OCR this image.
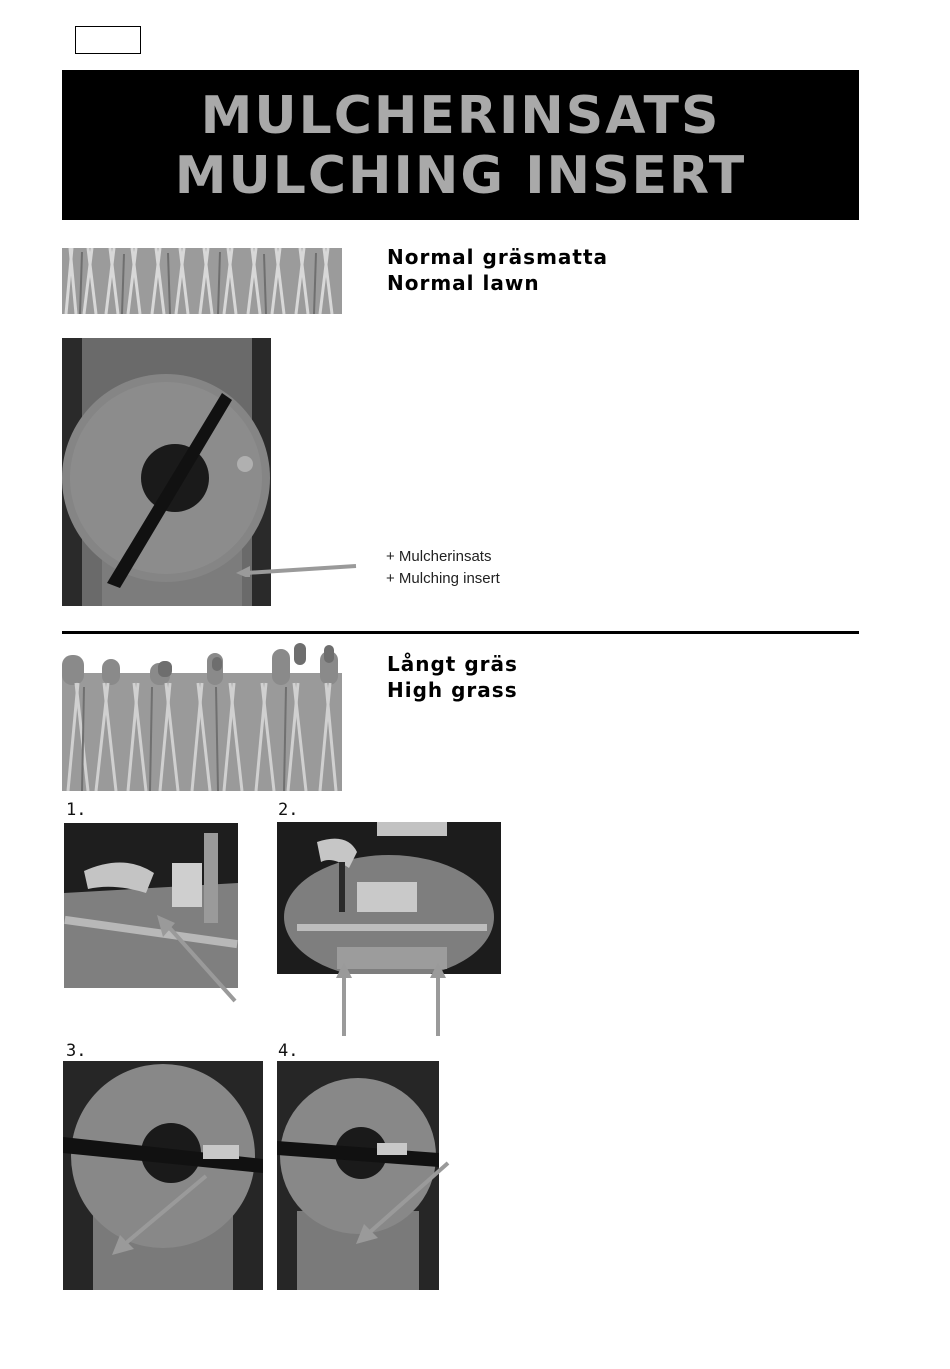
MULCHERINSATS
MULCHING INSERT
Normal gräsmatta
Normal lawn
+ Mulcherinsats
+ Mulching insert
Långt gräs
High grass
1.	2.
3.	4.
